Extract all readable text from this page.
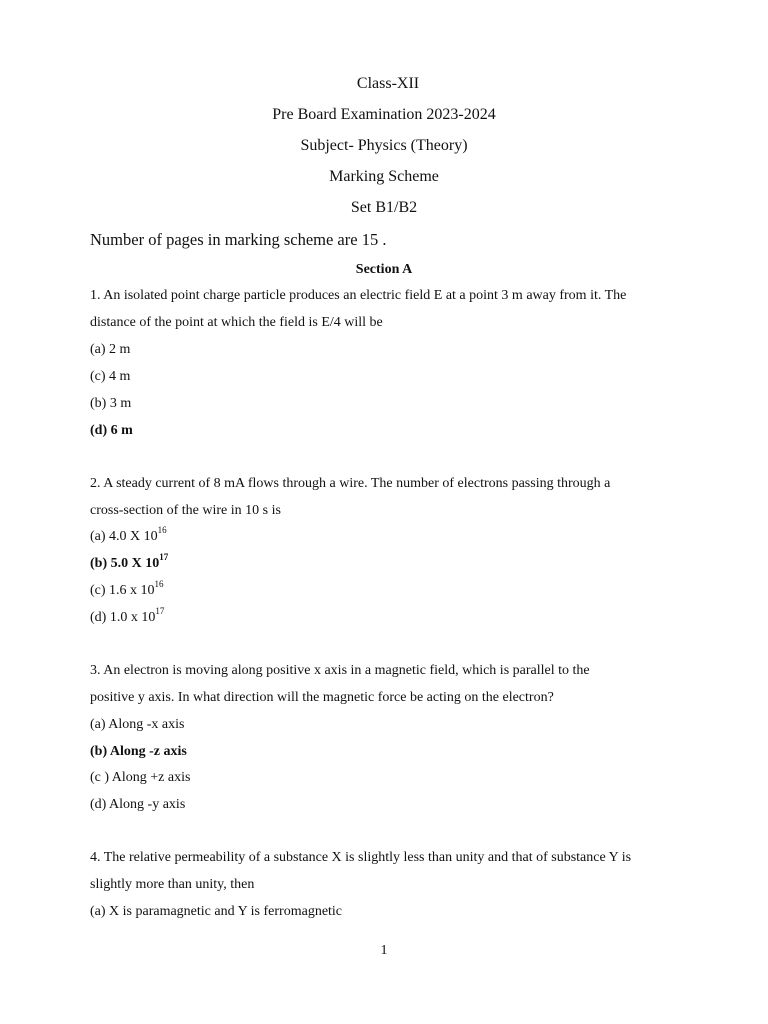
Class-XII
Pre Board Examination 2023-2024
Subject- Physics (Theory)
Marking Scheme
Set B1/B2
Number of pages in marking scheme are 15 .
Section A
1. An isolated point charge particle produces an electric field E at a point 3 m away from it. The
distance of the point at which the field is E/4 will be
(a) 2 m
(c) 4 m
(b) 3 m
(d) 6 m
2. A steady current of 8 mA flows through a wire. The number of electrons passing through a
cross-section of the wire in 10 s is
(a) 4.0 X $10^{16}$
(b) 5.0 X $10^{17}$
(c) 1.6 x $10^{16}$
(d) 1.0 x $10^{17}$
3. An electron is moving along positive x axis in a magnetic field, which is parallel to the
positive y axis. In what direction will the magnetic force be acting on the electron?
(a) Along -x axis
(b) Along -z axis
(c ) Along +z axis
(d) Along -y axis
4. The relative permeability of a substance X is slightly less than unity and that of substance Y is
slightly more than unity, then
(a) X is paramagnetic and Y is ferromagnetic
1
